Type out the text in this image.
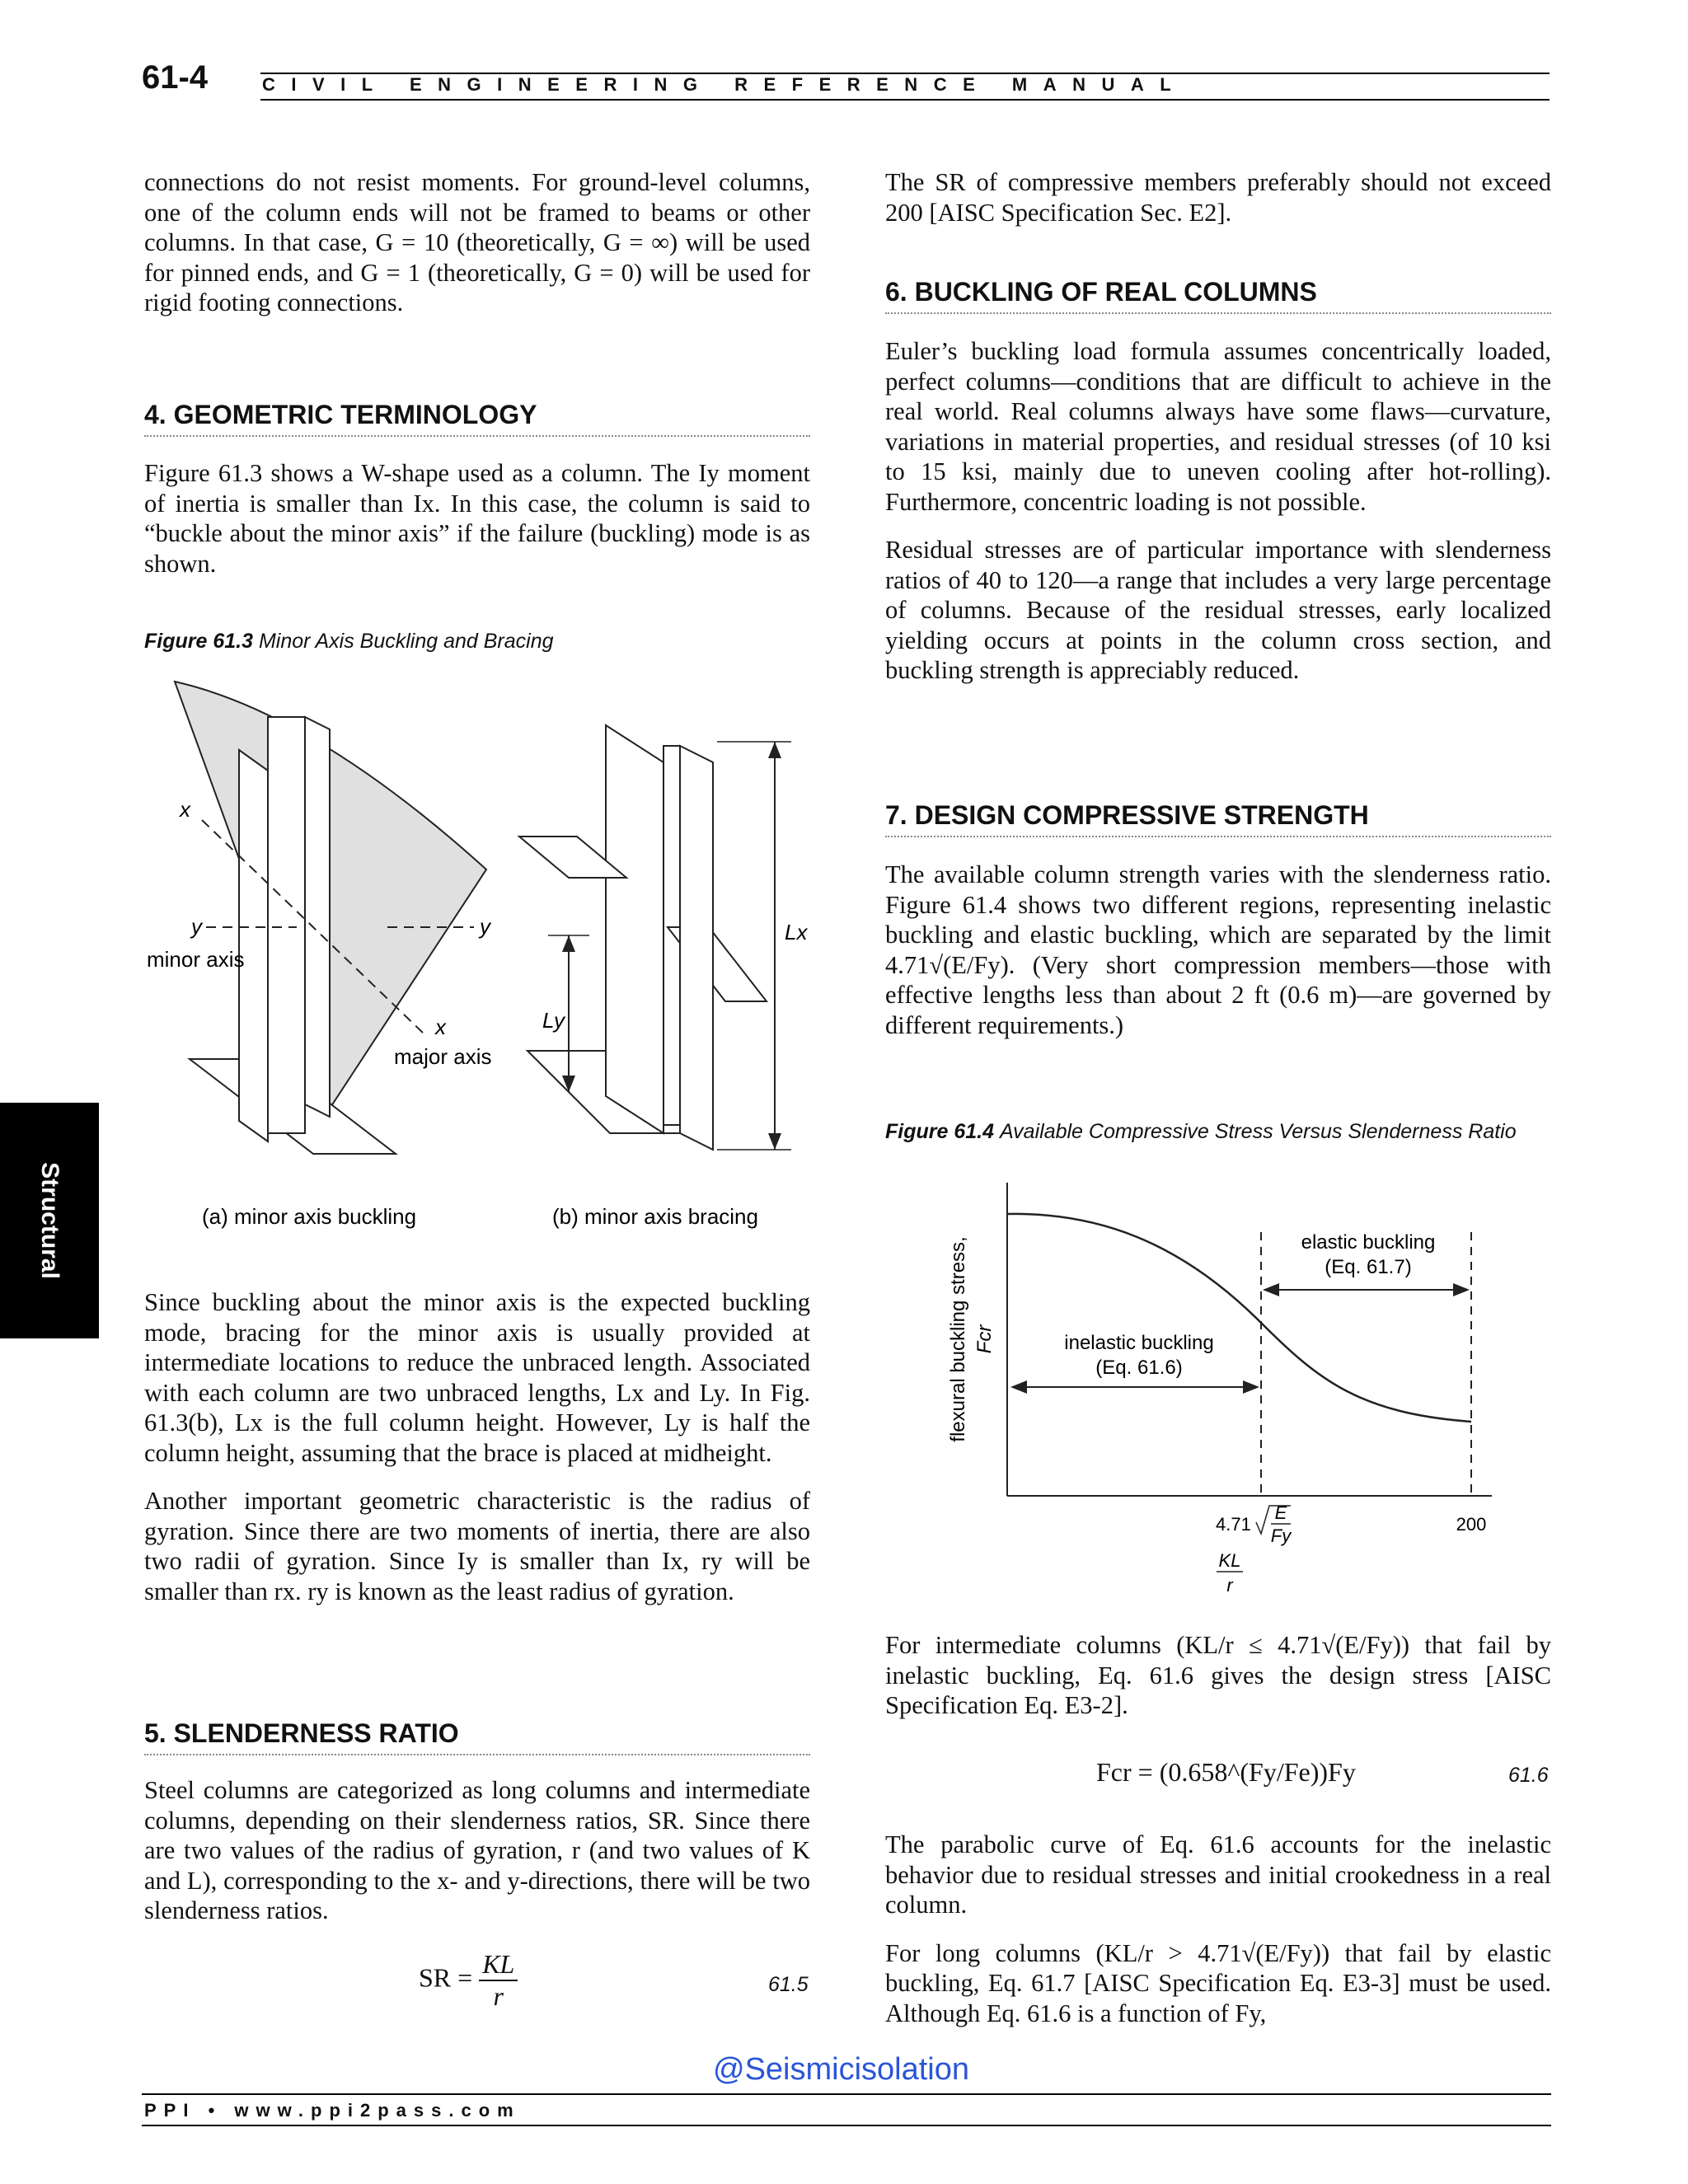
61-4	CIVIL ENGINEERING REFERENCE MANUAL
Structural

connections do not resist moments. For ground-level columns, one of the column ends will not be framed to beams or other columns. In that case, G = 10 (theoretically, G = ∞) will be used for pinned ends, and G = 1 (theoretically, G = 0) will be used for rigid footing connections.

4. GEOMETRIC TERMINOLOGY

Figure 61.3 shows a W-shape used as a column. The Iy moment of inertia is smaller than Ix. In this case, the column is said to “buckle about the minor axis” if the failure (buckling) mode is as shown.

Figure 61.3 Minor Axis Buckling and Bracing
x
y	y
minor axis
x
major axis
Lx
Ly
(a) minor axis buckling	(b) minor axis bracing

Since buckling about the minor axis is the expected buckling mode, bracing for the minor axis is usually provided at intermediate locations to reduce the unbraced length. Associated with each column are two unbraced lengths, Lx and Ly. In Fig. 61.3(b), Lx is the full column height. However, Ly is half the column height, assuming that the brace is placed at midheight.

Another important geometric characteristic is the radius of gyration. Since there are two moments of inertia, there are also two radii of gyration. Since Iy is smaller than Ix, ry will be smaller than rx. ry is known as the least radius of gyration.

5. SLENDERNESS RATIO

Steel columns are categorized as long columns and intermediate columns, depending on their slenderness ratios, SR. Since there are two values of the radius of gyration, r (and two values of K and L), corresponding to the x- and y-directions, there will be two slenderness ratios.

SR = $\frac{KL}{r}$	61.5

The SR of compressive members preferably should not exceed 200 [AISC Specification Sec. E2].

6. BUCKLING OF REAL COLUMNS

Euler’s buckling load formula assumes concentrically loaded, perfect columns—conditions that are difficult to achieve in the real world. Real columns always have some flaws—curvature, variations in material properties, and residual stresses (of 10 ksi to 15 ksi, mainly due to uneven cooling after hot-rolling). Furthermore, concentric loading is not possible.

Residual stresses are of particular importance with slenderness ratios of 40 to 120—a range that includes a very large percentage of columns. Because of the residual stresses, early localized yielding occurs at points in the column cross section, and buckling strength is appreciably reduced.

7. DESIGN COMPRESSIVE STRENGTH

The available column strength varies with the slenderness ratio. Figure 61.4 shows two different regions, representing inelastic buckling and elastic buckling, which are separated by the limit 4.71√(E/Fy). (Very short compression members—those with effective lengths less than about 2 ft (0.6 m)—are governed by different requirements.)

Figure 61.4 Available Compressive Stress Versus Slenderness Ratio
inelastic buckling
(Eq. 61.6)
elastic buckling
(Eq. 61.7)
flexural buckling stress, Fcr
4.71
E
Fy
200
KL
r

For intermediate columns (KL/r ≤ 4.71√(E/Fy)) that fail by inelastic buckling, Eq. 61.6 gives the design stress [AISC Specification Eq. E3-2].

Fcr = (0.658^(Fy/Fe))Fy	61.6

The parabolic curve of Eq. 61.6 accounts for the inelastic behavior due to residual stresses and initial crookedness in a real column.

For long columns (KL/r > 4.71√(E/Fy)) that fail by elastic buckling, Eq. 61.7 [AISC Specification Eq. E3-3] must be used. Although Eq. 61.6 is a function of Fy,

@Seismicisolation
PPI • www.ppi2pass.com
